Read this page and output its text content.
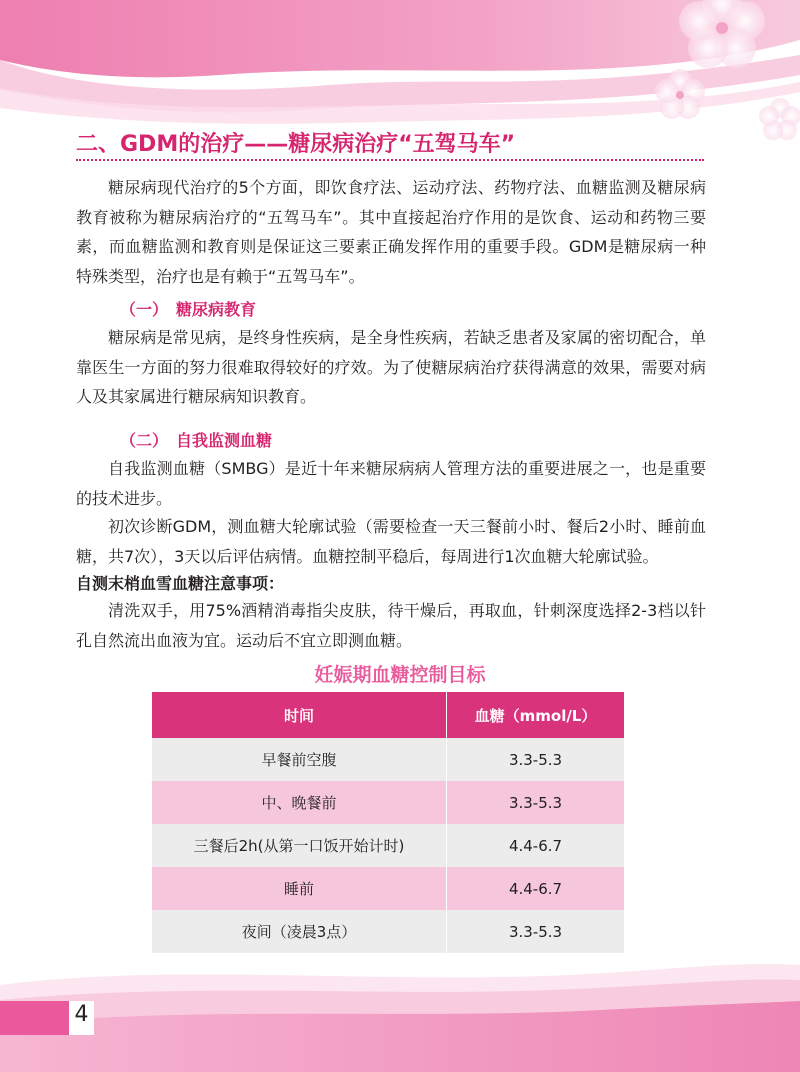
4
二、GDM的治疗——糖尿病治疗“五驾马车”

糖尿病现代治疗的5个方面，即饮食疗法、运动疗法、药物疗法、血糖监测及糖尿病教育被称为糖尿病治疗的“五驾马车”。其中直接起治疗作用的是饮食、运动和药物三要素，而血糖监测和教育则是保证这三要素正确发挥作用的重要手段。GDM是糖尿病一种特殊类型，治疗也是有赖于“五驾马车”。

（一）　糖尿病教育

糖尿病是常见病，是终身性疾病，是全身性疾病，若缺乏患者及家属的密切配合，单靠医生一方面的努力很难取得较好的疗效。为了使糖尿病治疗获得满意的效果，需要对病人及其家属进行糖尿病知识教育。

（二）　自我监测血糖

自我监测血糖（SMBG）是近十年来糖尿病病人管理方法的重要进展之一，也是重要的技术进步。

初次诊断GDM，测血糖大轮廓试验（需要检查一天三餐前小时、餐后2小时、睡前血糖，共7次），3天以后评估病情。血糖控制平稳后，每周进行1次血糖大轮廓试验。

自测末梢血雪血糖注意事项：

清洗双手，用75%酒精消毒指尖皮肤，待干燥后，再取血，针刺深度选择2-3档以针孔自然流出血液为宜。运动后不宜立即测血糖。

妊娠期血糖控制目标
时间	血糖（mmol/L）
早餐前空腹	3.3-5.3
中、晚餐前	3.3-5.3
三餐后2h(从第一口饭开始计时)	4.4-6.7
睡前	4.4-6.7
夜间（凌晨3点）	3.3-5.3
